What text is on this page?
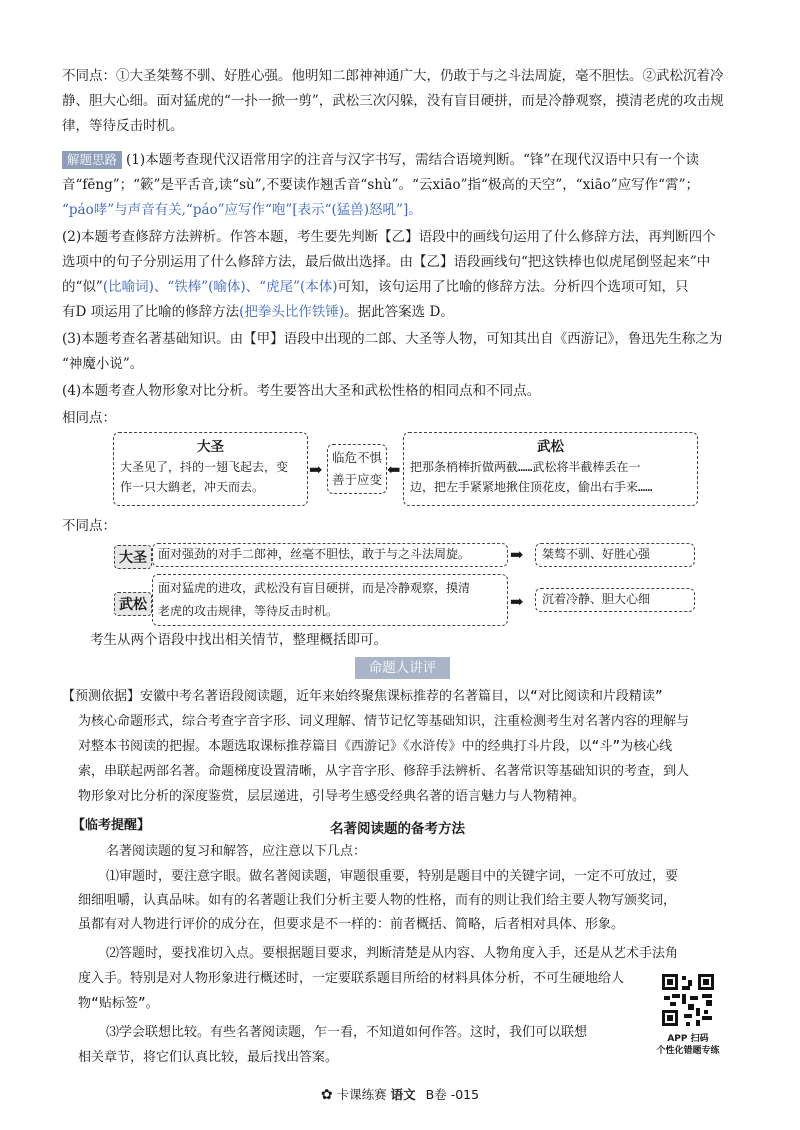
不同点：①大圣桀骜不驯、好胜心强。他明知二郎神神通广大，仍敢于与之斗法周旋，毫不胆怯。②武松沉着冷
静、胆大心细。面对猛虎的“一扑一掀一剪”，武松三次闪躲，没有盲目硬拼，而是冷静观察，摸清老虎的攻击规
律，等待反击时机。
解题思路 (1)本题考查现代汉语常用字的注音与汉字书写，需结合语境判断。“锋”在现代汉语中只有一个读
音“fēng”；“簌”是平舌音,读“sù”,不要读作翘舌音“shù”。“云xiāo”指“极高的天空”，“xiāo”应写作“霄”；
“páo哮”与声音有关,“páo”应写作“咆”[表示“(猛兽)怒吼”]。
(2)本题考查修辞方法辨析。作答本题，考生要先判断【乙】语段中的画线句运用了什么修辞方法，再判断四个
选项中的句子分别运用了什么修辞方法，最后做出选择。由【乙】语段画线句“把这铁棒也似虎尾倒竖起来”中
的“似”(比喻词)、“铁棒”(喻体)、“虎尾”(本体)可知，该句运用了比喻的修辞方法。分析四个选项可知，只
有D 项运用了比喻的修辞方法(把拳头比作铁锤)。据此答案选 D。
(3)本题考查名著基础知识。由【甲】语段中出现的二郎、大圣等人物，可知其出自《西游记》，鲁迅先生称之为
“神魔小说”。
(4)本题考查人物形象对比分析。考生要答出大圣和武松性格的相同点和不同点。
相同点：
大圣
大圣见了，抖的一翅飞起去，变
作一只大鹚老，冲天而去。
➡
临危不惧
善于应变
⬅
武松
把那条梢棒折做两截……武松将半截棒丢在一
边，把左手紧紧地揪住顶花皮，偷出右手来……
不同点：
大圣 面对强劲的对手二郎神，丝毫不胆怯，敢于与之斗法周旋。	➡	桀骜不驯、好胜心强
武松
面对猛虎的进攻，武松没有盲目硬拼，而是冷静观察，摸清
老虎的攻击规律，等待反击时机。	➡	沉着冷静、胆大心细
考生从两个语段中找出相关情节，整理概括即可。
命题人讲评
【预测依据】安徽中考名著语段阅读题，近年来始终聚焦课标推荐的名著篇目，以“对比阅读和片段精读”
为核心命题形式，综合考查字音字形、词义理解、情节记忆等基础知识，注重检测考生对名著内容的理解与
对整本书阅读的把握。本题选取课标推荐篇目《西游记》《水浒传》中的经典打斗片段，以“斗”为核心线
索，串联起两部名著。命题梯度设置清晰，从字音字形、修辞手法辨析、名著常识等基础知识的考查，到人
物形象对比分析的深度鉴赏，层层递进，引导考生感受经典名著的语言魅力与人物精神。
【临考提醒】	名著阅读题的备考方法
名著阅读题的复习和解答，应注意以下几点：
⑴审题时，要注意字眼。做名著阅读题，审题很重要，特别是题目中的关键字词，一定不可放过，要
细细咀嚼，认真品味。如有的名著题让我们分析主要人物的性格，而有的则让我们给主要人物写颁奖词，
虽都有对人物进行评价的成分在，但要求是不一样的：前者概括、简略，后者相对具体、形象。
⑵答题时，要找准切入点。要根据题目要求，判断清楚是从内容、人物角度入手，还是从艺术手法角
度入手。特别是对人物形象进行概述时，一定要联系题目所给的材料具体分析，不可生硬地给人
物“贴标签”。
⑶学会联想比较。有些名著阅读题，乍一看，不知道如何作答。这时，我们可以联想
相关章节，将它们认真比较，最后找出答案。
APP 扫码
个性化错题专练
✿ 卡课练赛 语文 B卷 -015
